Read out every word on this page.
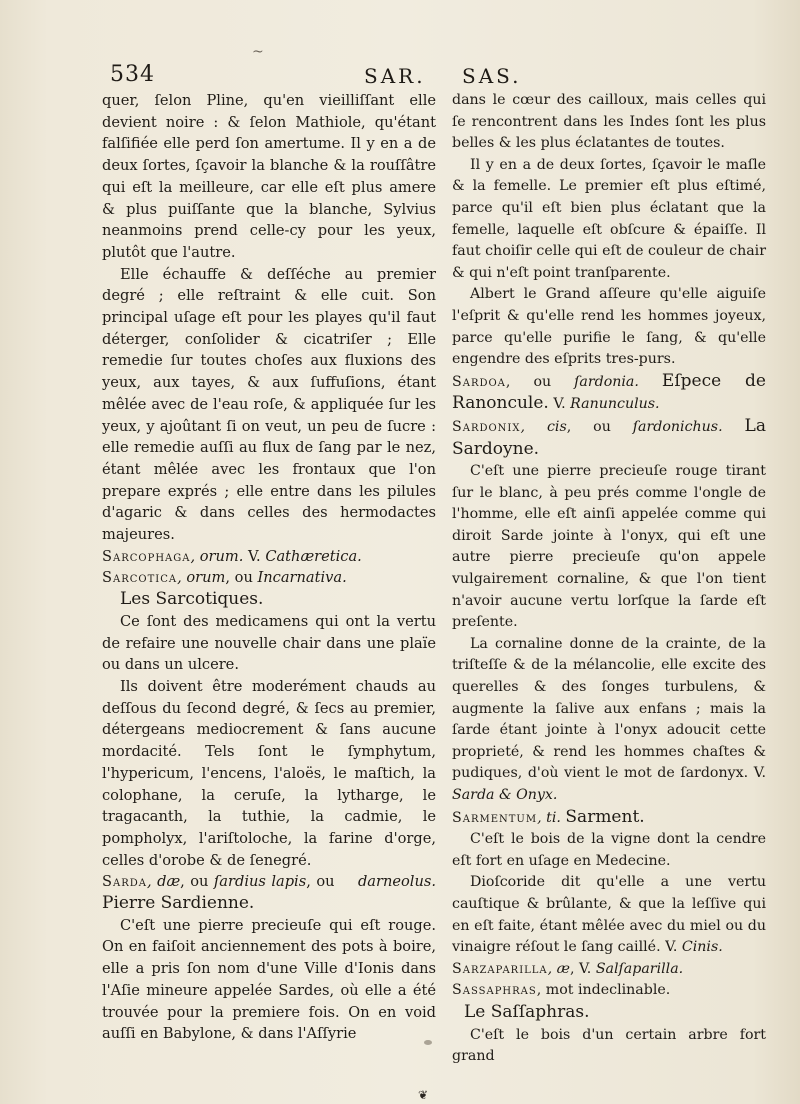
~
534	SAR. SAS.

quer, ſelon Pline, qu'en vieilliſſant elle devient noire : & ſelon Mathiole, qu'étant falſifiée elle perd ſon amertume. Il y en a de deux ſortes, ſçavoir la blanche & la rouſſâtre qui eſt la meilleure, car elle eſt plus amere & plus puiſſante que la blanche, Sylvius neanmoins prend celle-cy pour les yeux, plutôt que l'autre.

Elle échauffe & deſſéche au premier degré ; elle reſtraint & elle cuit. Son principal uſage eſt pour les playes qu'il faut déterger, conſolider & cicatriſer ; Elle remedie ſur toutes choſes aux fluxions des yeux, aux tayes, & aux ſuffuſions, étant mêlée avec de l'eau roſe, & appliquée ſur les yeux, y ajoûtant ſi on veut, un peu de ſucre : elle remedie auſſi au flux de ſang par le nez, étant mêlée avec les frontaux que l'on prepare exprés ; elle entre dans les pilules d'agaric & dans celles des hermodactes majeures.

Sarcophaga, orum. V. Cathæretica.

Sarcotica, orum, ou Incarnativa.
Les Sarcotiques.

Ce ſont des medicamens qui ont la vertu de refaire une nouvelle chair dans une plaïe ou dans un ulcere.

Ils doivent être moderément chauds au deſſous du ſecond degré, & ſecs au premier, détergeans mediocrement & ſans aucune mordacité. Tels ſont le ſymphytum, l'hypericum, l'encens, l'aloës, le maſtich, la colophane, la ceruſe, la lytharge, le tragacanth, la tuthie, la cadmie, le pompholyx, l'ariſtoloche, la farine d'orge, celles d'orobe & de ſenegré.

Sarda, dæ, ou ſardius lapis, ou darneolus. Pierre Sardienne.

C'eſt une pierre precieuſe qui eſt rouge. On en faiſoit anciennement des pots à boire, elle a pris ſon nom d'une Ville d'Ionis dans l'Aſie mineure appelée Sardes, où elle a été trouvée pour la premiere fois. On en void auſſi en Babylone, & dans l'Aſſyrie

dans le cœur des cailloux, mais celles qui ſe rencontrent dans les Indes ſont les plus belles & les plus éclatantes de toutes.

Il y en a de deux ſortes, ſçavoir le maſle & la femelle. Le premier eſt plus eſtimé, parce qu'il eſt bien plus éclatant que la femelle, laquelle eſt obſcure & épaiſſe. Il faut choiſir celle qui eſt de couleur de chair & qui n'eſt point tranſparente.

Albert le Grand aſſeure qu'elle aiguiſe l'eſprit & qu'elle rend les hommes joyeux, parce qu'elle purifie le ſang, & qu'elle engendre des eſprits tres-purs.

Sardoa, ou ſardonia. Eſpece de Ranoncule. V. Ranunculus.

Sardonix, cis, ou ſardonichus. La Sardoyne.

C'eſt une pierre precieuſe rouge tirant ſur le blanc, à peu prés comme l'ongle de l'homme, elle eſt ainſi appelée comme qui diroit Sarde jointe à l'onyx, qui eſt une autre pierre precieuſe qu'on appele vulgairement cornaline, & que l'on tient n'avoir aucune vertu lorſque la ſarde eſt preſente.

La cornaline donne de la crainte, de la triſteſſe & de la mélancolie, elle excite des querelles & des ſonges turbulens, & augmente la ſalive aux enfans ; mais la ſarde étant jointe à l'onyx adoucit cette proprieté, & rend les hommes chaſtes & pudiques, d'où vient le mot de ſardonyx. V. Sarda & Onyx.

Sarmentum, ti. Sarment.

C'eſt le bois de la vigne dont la cendre eſt fort en uſage en Medecine.

Dioſcoride dit qu'elle a une vertu cauſtique & brûlante, & que la leſſive qui en eſt faite, étant mêlée avec du miel ou du vinaigre réſout le ſang caillé. V. Cinis.

Sarzaparilla, æ, V. Salſaparilla.

Sassaphras, mot indeclinable.
Le Saſſaphras.

C'eſt le bois d'un certain arbre fort grand

❦
